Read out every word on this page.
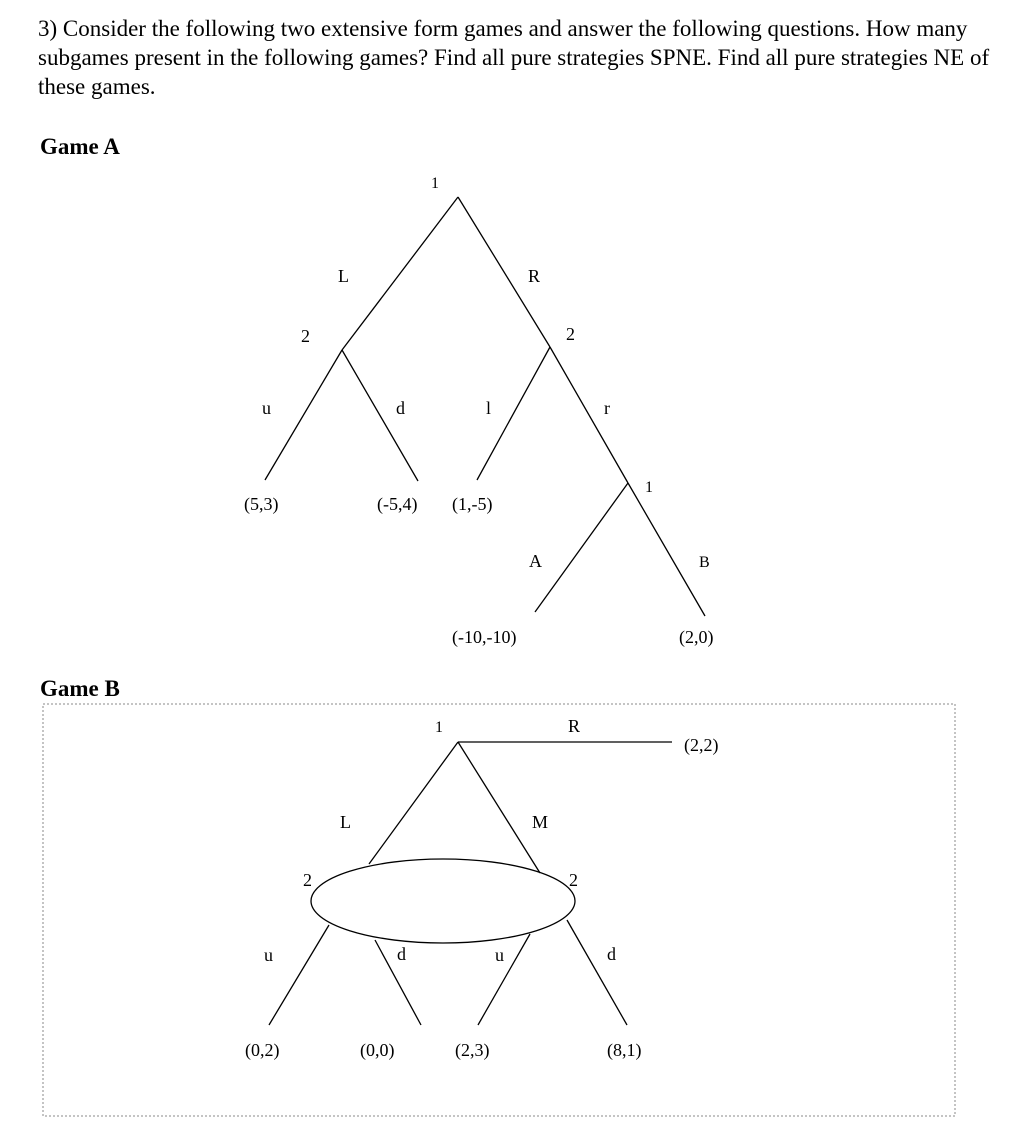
3) Consider the following two extensive form games and answer the following questions. How many subgames present in the following games? Find all pure strategies SPNE. Find all pure strategies NE of these games.

Game A

Game B

1
2	2
1
L	R
u	d	l	r
A	B
(5,3)	(-5,4) (1,-5)
(-10,-10)	(2,0)
1
2	2
R
L	M
u	d	u	d
(2,2)
(0,2)	(0,0)	(2,3)	(8,1)
